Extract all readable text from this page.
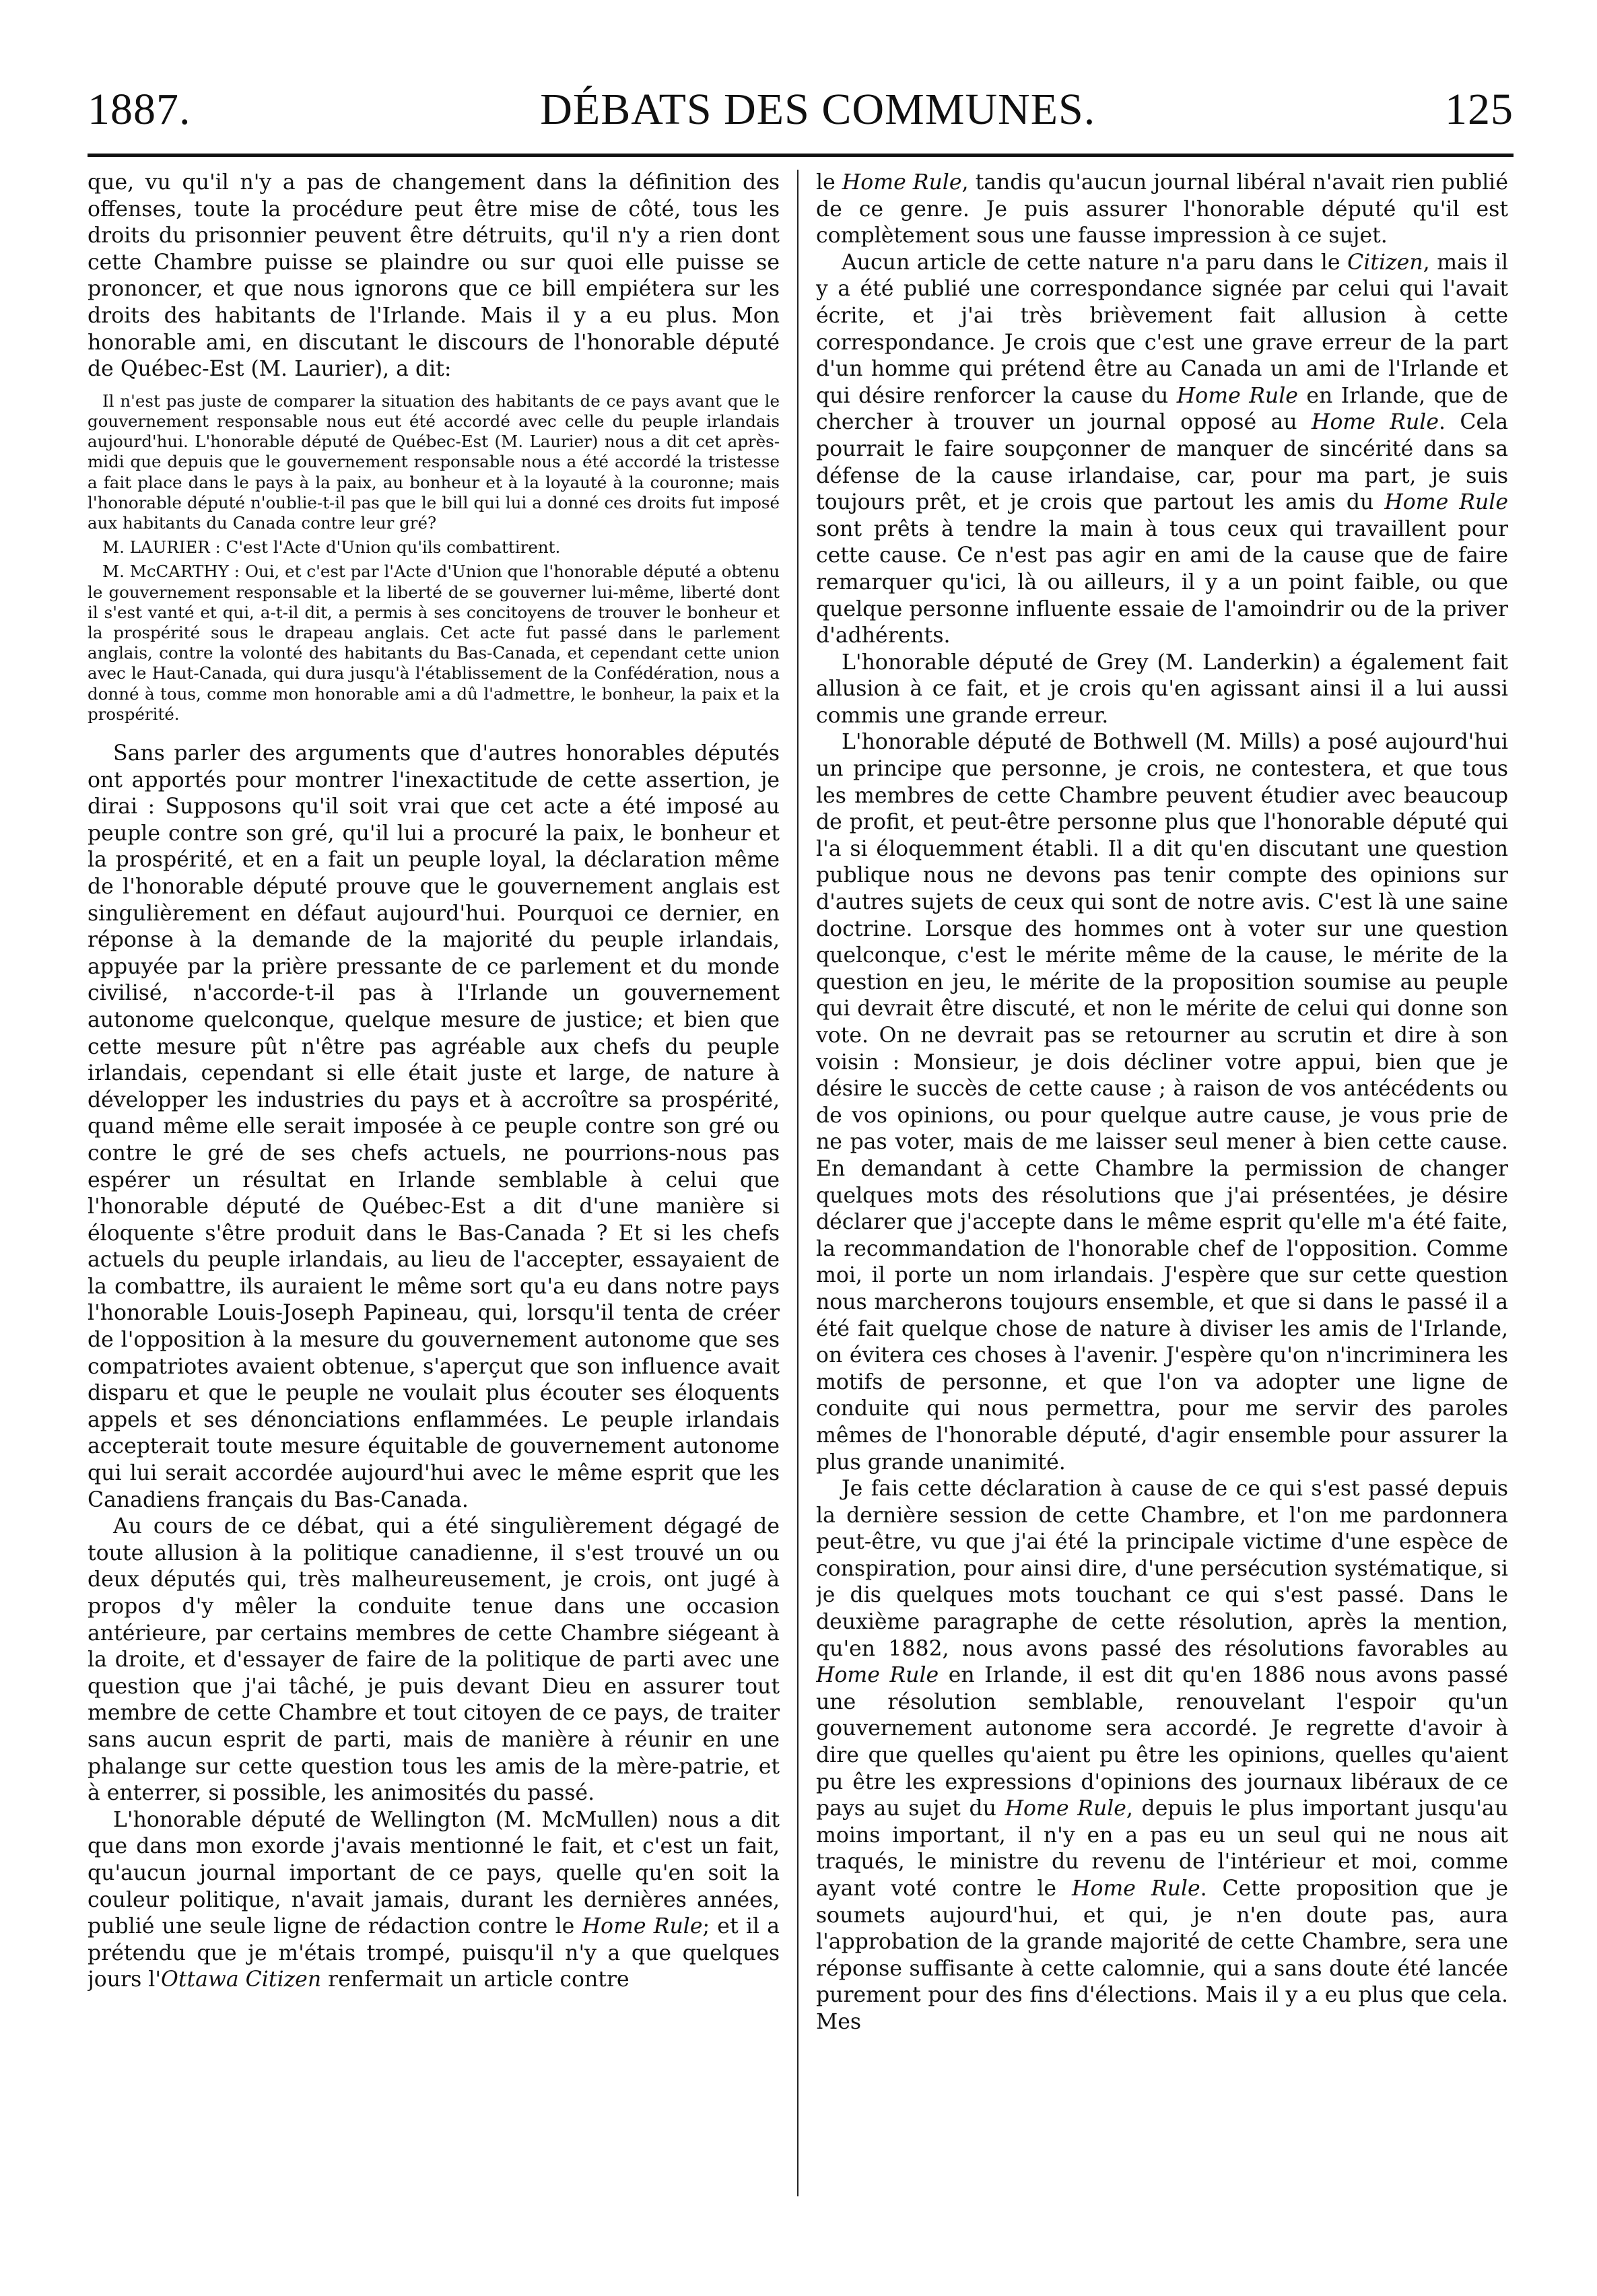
1887.	DÉBATS DES COMMUNES.	125

que, vu qu'il n'y a pas de changement dans la définition des offenses, toute la procédure peut être mise de côté, tous les droits du prisonnier peuvent être détruits, qu'il n'y a rien dont cette Chambre puisse se plaindre ou sur quoi elle puisse se prononcer, et que nous ignorons que ce bill empiétera sur les droits des habitants de l'Irlande. Mais il y a eu plus. Mon honorable ami, en discutant le discours de l'honorable député de Québec-Est (M. Laurier), a dit:

Il n'est pas juste de comparer la situation des habitants de ce pays avant que le gouvernement responsable nous eut été accordé avec celle du peuple irlandais aujourd'hui. L'honorable député de Québec-Est (M. Laurier) nous a dit cet après-midi que depuis que le gouvernement responsable nous a été accordé la tristesse a fait place dans le pays à la paix, au bonheur et à la loyauté à la couronne; mais l'honorable député n'oublie-t-il pas que le bill qui lui a donné ces droits fut imposé aux habitants du Canada contre leur gré?

M. LAURIER : C'est l'Acte d'Union qu'ils combattirent.

M. McCARTHY : Oui, et c'est par l'Acte d'Union que l'honorable député a obtenu le gouvernement responsable et la liberté de se gouverner lui-même, liberté dont il s'est vanté et qui, a-t-il dit, a permis à ses concitoyens de trouver le bonheur et la prospérité sous le drapeau anglais. Cet acte fut passé dans le parlement anglais, contre la volonté des habitants du Bas-Canada, et cependant cette union avec le Haut-Canada, qui dura jusqu'à l'établissement de la Confédération, nous a donné à tous, comme mon honorable ami a dû l'admettre, le bonheur, la paix et la prospérité.

Sans parler des arguments que d'autres honorables députés ont apportés pour montrer l'inexactitude de cette assertion, je dirai : Supposons qu'il soit vrai que cet acte a été imposé au peuple contre son gré, qu'il lui a procuré la paix, le bonheur et la prospérité, et en a fait un peuple loyal, la déclaration même de l'honorable député prouve que le gouvernement anglais est singulièrement en défaut aujourd'hui. Pourquoi ce dernier, en réponse à la demande de la majorité du peuple irlandais, appuyée par la prière pressante de ce parlement et du monde civilisé, n'accorde-t-il pas à l'Irlande un gouvernement autonome quelconque, quelque mesure de justice; et bien que cette mesure pût n'être pas agréable aux chefs du peuple irlandais, cependant si elle était juste et large, de nature à développer les industries du pays et à accroître sa prospérité, quand même elle serait imposée à ce peuple contre son gré ou contre le gré de ses chefs actuels, ne pourrions-nous pas espérer un résultat en Irlande semblable à celui que l'honorable député de Québec-Est a dit d'une manière si éloquente s'être produit dans le Bas-Canada ? Et si les chefs actuels du peuple irlandais, au lieu de l'accepter, essayaient de la combattre, ils auraient le même sort qu'a eu dans notre pays l'honorable Louis-Joseph Papineau, qui, lorsqu'il tenta de créer de l'opposition à la mesure du gouvernement autonome que ses compatriotes avaient obtenue, s'aperçut que son influence avait disparu et que le peuple ne voulait plus écouter ses éloquents appels et ses dénonciations enflammées. Le peuple irlandais accepterait toute mesure équitable de gouvernement autonome qui lui serait accordée aujourd'hui avec le même esprit que les Canadiens français du Bas-Canada.

Au cours de ce débat, qui a été singulièrement dégagé de toute allusion à la politique canadienne, il s'est trouvé un ou deux députés qui, très malheureusement, je crois, ont jugé à propos d'y mêler la conduite tenue dans une occasion antérieure, par certains membres de cette Chambre siégeant à la droite, et d'essayer de faire de la politique de parti avec une question que j'ai tâché, je puis devant Dieu en assurer tout membre de cette Chambre et tout citoyen de ce pays, de traiter sans aucun esprit de parti, mais de manière à réunir en une phalange sur cette question tous les amis de la mère-patrie, et à enterrer, si possible, les animosités du passé.

L'honorable député de Wellington (M. McMullen) nous a dit que dans mon exorde j'avais mentionné le fait, et c'est un fait, qu'aucun journal important de ce pays, quelle qu'en soit la couleur politique, n'avait jamais, durant les dernières années, publié une seule ligne de rédaction contre le Home Rule; et il a prétendu que je m'étais trompé, puisqu'il n'y a que quelques jours l'Ottawa Citizen renfermait un article contre

le Home Rule, tandis qu'aucun journal libéral n'avait rien publié de ce genre. Je puis assurer l'honorable député qu'il est complètement sous une fausse impression à ce sujet.

Aucun article de cette nature n'a paru dans le Citizen, mais il y a été publié une correspondance signée par celui qui l'avait écrite, et j'ai très brièvement fait allusion à cette correspondance. Je crois que c'est une grave erreur de la part d'un homme qui prétend être au Canada un ami de l'Irlande et qui désire renforcer la cause du Home Rule en Irlande, que de chercher à trouver un journal opposé au Home Rule. Cela pourrait le faire soupçonner de manquer de sincérité dans sa défense de la cause irlandaise, car, pour ma part, je suis toujours prêt, et je crois que partout les amis du Home Rule sont prêts à tendre la main à tous ceux qui travaillent pour cette cause. Ce n'est pas agir en ami de la cause que de faire remarquer qu'ici, là ou ailleurs, il y a un point faible, ou que quelque personne influente essaie de l'amoindrir ou de la priver d'adhérents.

L'honorable député de Grey (M. Landerkin) a également fait allusion à ce fait, et je crois qu'en agissant ainsi il a lui aussi commis une grande erreur.

L'honorable député de Bothwell (M. Mills) a posé aujourd'hui un principe que personne, je crois, ne contestera, et que tous les membres de cette Chambre peuvent étudier avec beaucoup de profit, et peut-être personne plus que l'honorable député qui l'a si éloquemment établi. Il a dit qu'en discutant une question publique nous ne devons pas tenir compte des opinions sur d'autres sujets de ceux qui sont de notre avis. C'est là une saine doctrine. Lorsque des hommes ont à voter sur une question quelconque, c'est le mérite même de la cause, le mérite de la question en jeu, le mérite de la proposition soumise au peuple qui devrait être discuté, et non le mérite de celui qui donne son vote. On ne devrait pas se retourner au scrutin et dire à son voisin : Monsieur, je dois décliner votre appui, bien que je désire le succès de cette cause ; à raison de vos antécédents ou de vos opinions, ou pour quelque autre cause, je vous prie de ne pas voter, mais de me laisser seul mener à bien cette cause. En demandant à cette Chambre la permission de changer quelques mots des résolutions que j'ai présentées, je désire déclarer que j'accepte dans le même esprit qu'elle m'a été faite, la recommandation de l'honorable chef de l'opposition. Comme moi, il porte un nom irlandais. J'espère que sur cette question nous marcherons toujours ensemble, et que si dans le passé il a été fait quelque chose de nature à diviser les amis de l'Irlande, on évitera ces choses à l'avenir. J'espère qu'on n'incriminera les motifs de personne, et que l'on va adopter une ligne de conduite qui nous permettra, pour me servir des paroles mêmes de l'honorable député, d'agir ensemble pour assurer la plus grande unanimité.

Je fais cette déclaration à cause de ce qui s'est passé depuis la dernière session de cette Chambre, et l'on me pardonnera peut-être, vu que j'ai été la principale victime d'une espèce de conspiration, pour ainsi dire, d'une persécution systématique, si je dis quelques mots touchant ce qui s'est passé. Dans le deuxième paragraphe de cette résolution, après la mention, qu'en 1882, nous avons passé des résolutions favorables au Home Rule en Irlande, il est dit qu'en 1886 nous avons passé une résolution semblable, renouvelant l'espoir qu'un gouvernement autonome sera accordé. Je regrette d'avoir à dire que quelles qu'aient pu être les opinions, quelles qu'aient pu être les expressions d'opinions des journaux libéraux de ce pays au sujet du Home Rule, depuis le plus important jusqu'au moins important, il n'y en a pas eu un seul qui ne nous ait traqués, le ministre du revenu de l'intérieur et moi, comme ayant voté contre le Home Rule. Cette proposition que je soumets aujourd'hui, et qui, je n'en doute pas, aura l'approbation de la grande majorité de cette Chambre, sera une réponse suffisante à cette calomnie, qui a sans doute été lancée purement pour des fins d'élections. Mais il y a eu plus que cela. Mes
